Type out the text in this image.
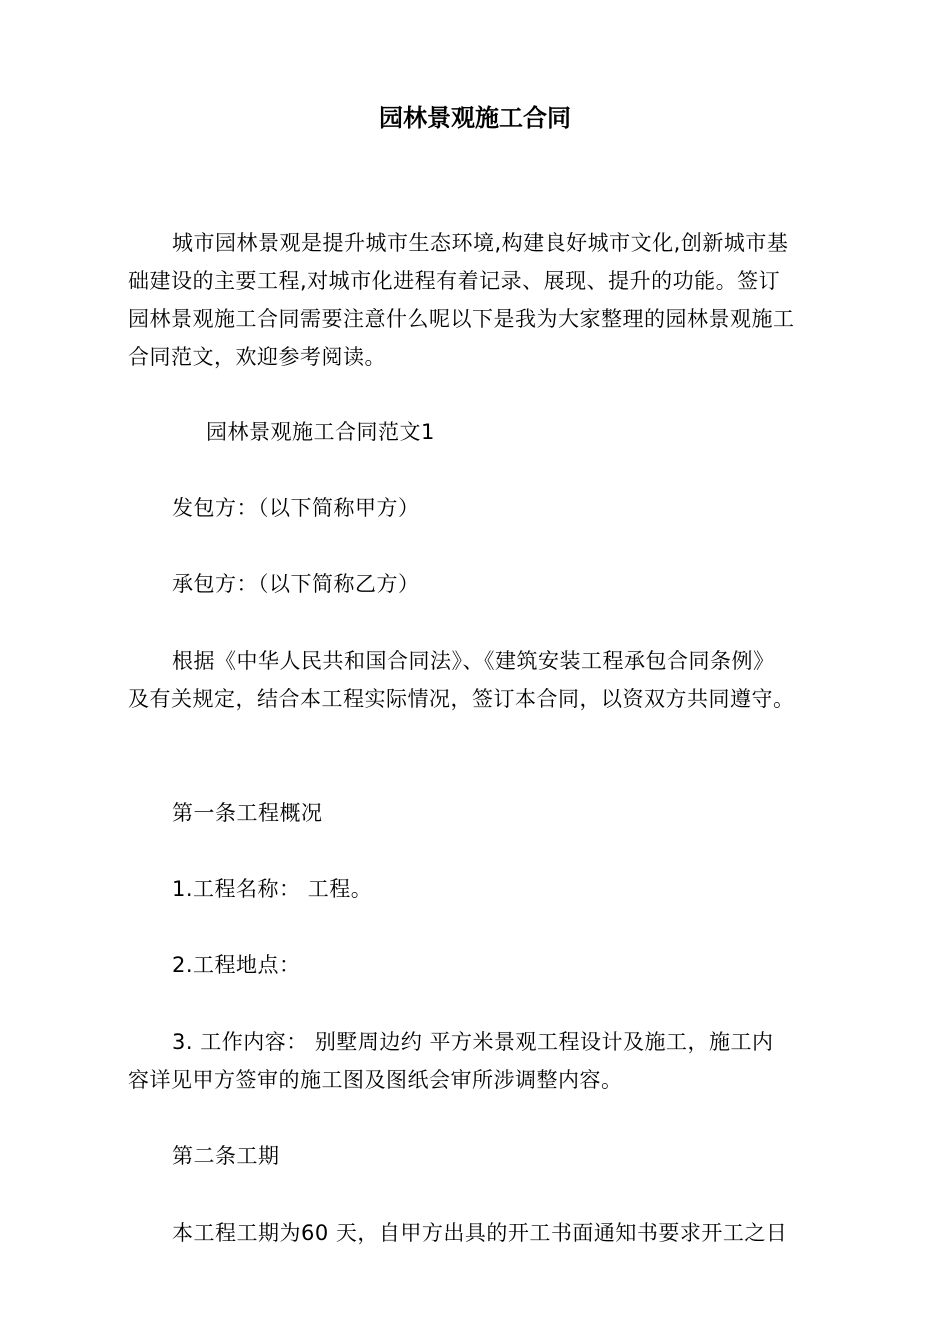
园林景观施工合同
城市园林景观是提升城市生态环境,构建良好城市文化,创新城市基
础建设的主要工程,对城市化进程有着记录、展现、提升的功能。签订
园林景观施工合同需要注意什么呢以下是我为大家整理的园林景观施工
合同范文，欢迎参考阅读。
园林景观施工合同范文1
发包方：（以下简称甲方）
承包方：（以下简称乙方）
根据《中华人民共和国合同法》、《建筑安装工程承包合同条例》
及有关规定，结合本工程实际情况，签订本合同，以资双方共同遵守。
第一条工程概况
1.工程名称： 工程。
2.工程地点：
3. 工作内容： 别墅周边约 平方米景观工程设计及施工，施工内
容详见甲方签审的施工图及图纸会审所涉调整内容。
第二条工期
本工程工期为60 天，自甲方出具的开工书面通知书要求开工之日
